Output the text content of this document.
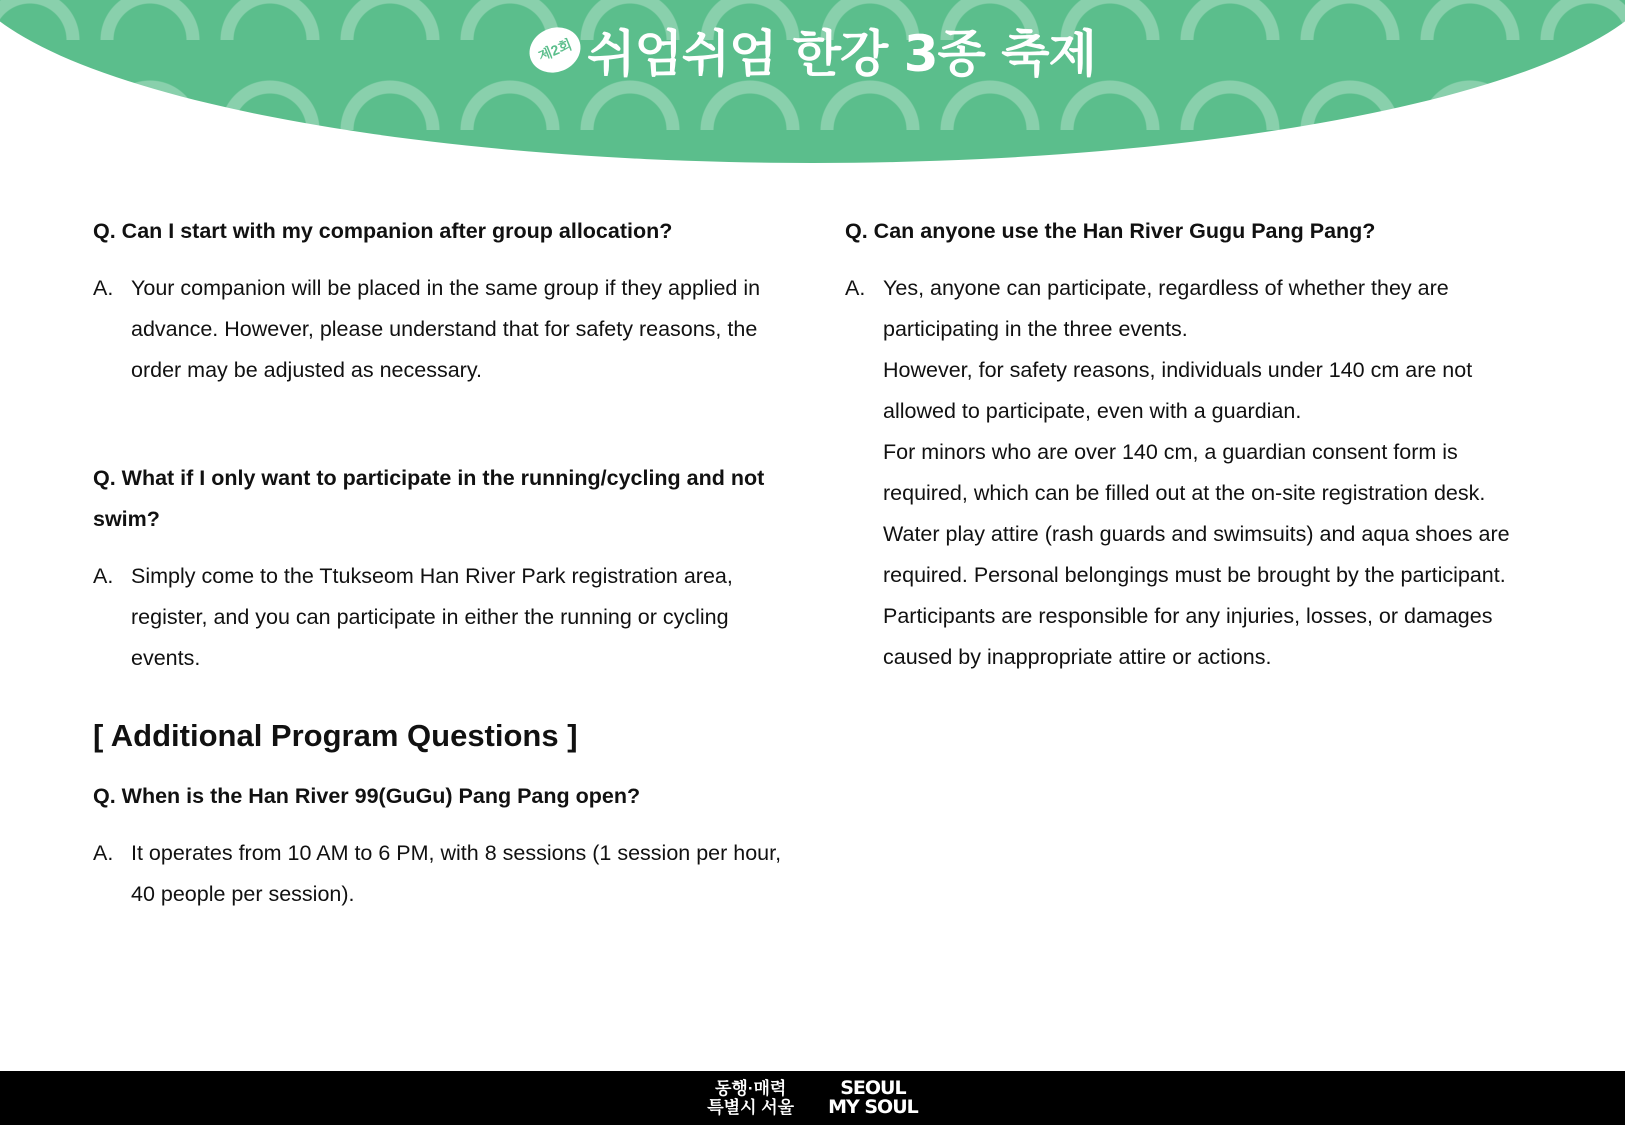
제2회 쉬엄쉬엄 한강 3종 축제

Q. Can I start with my companion after group allocation?

A. Your companion will be placed in the same group if they applied in advance. However, please understand that for safety reasons, the order may be adjusted as necessary.

Q. What if I only want to participate in the running/cycling and not swim?

A. Simply come to the Ttukseom Han River Park registration area, register, and you can participate in either the running or cycling events.

[ Additional Program Questions ]

Q. When is the Han River 99(GuGu) Pang Pang open?

A. It operates from 10 AM to 6 PM, with 8 sessions (1 session per hour, 40 people per session).

Q. Can anyone use the Han River Gugu Pang Pang?

A. Yes, anyone can participate, regardless of whether they are participating in the three events.

However, for safety reasons, individuals under 140 cm are not allowed to participate, even with a guardian.

For minors who are over 140 cm, a guardian consent form is required, which can be filled out at the on-site registration desk.

Water play attire (rash guards and swimsuits) and aqua shoes are required. Personal belongings must be brought by the participant.

Participants are responsible for any injuries, losses, or damages caused by inappropriate attire or actions.

동행·매력
특별시 서울
SEOUL
MY SOUL
